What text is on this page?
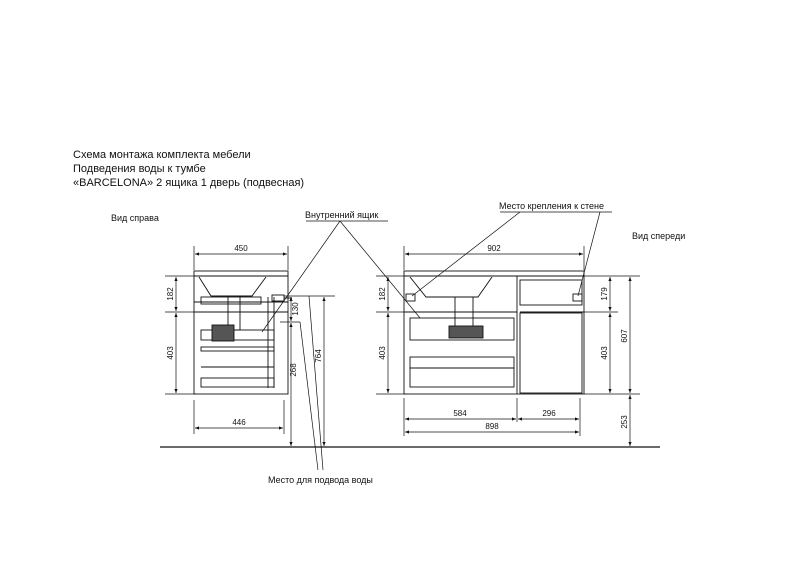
Схема монтажа комплекта мебели
Подведения воды к тумбе
«BARCELONA» 2 ящика 1 дверь (подвесная)
Вид справа
Вид спереди
Внутренний ящик
Место крепления к стене
Место для подвода воды
450
446
182
403
130
268
764
902
584	296
898
182
403
179
403
607
253
